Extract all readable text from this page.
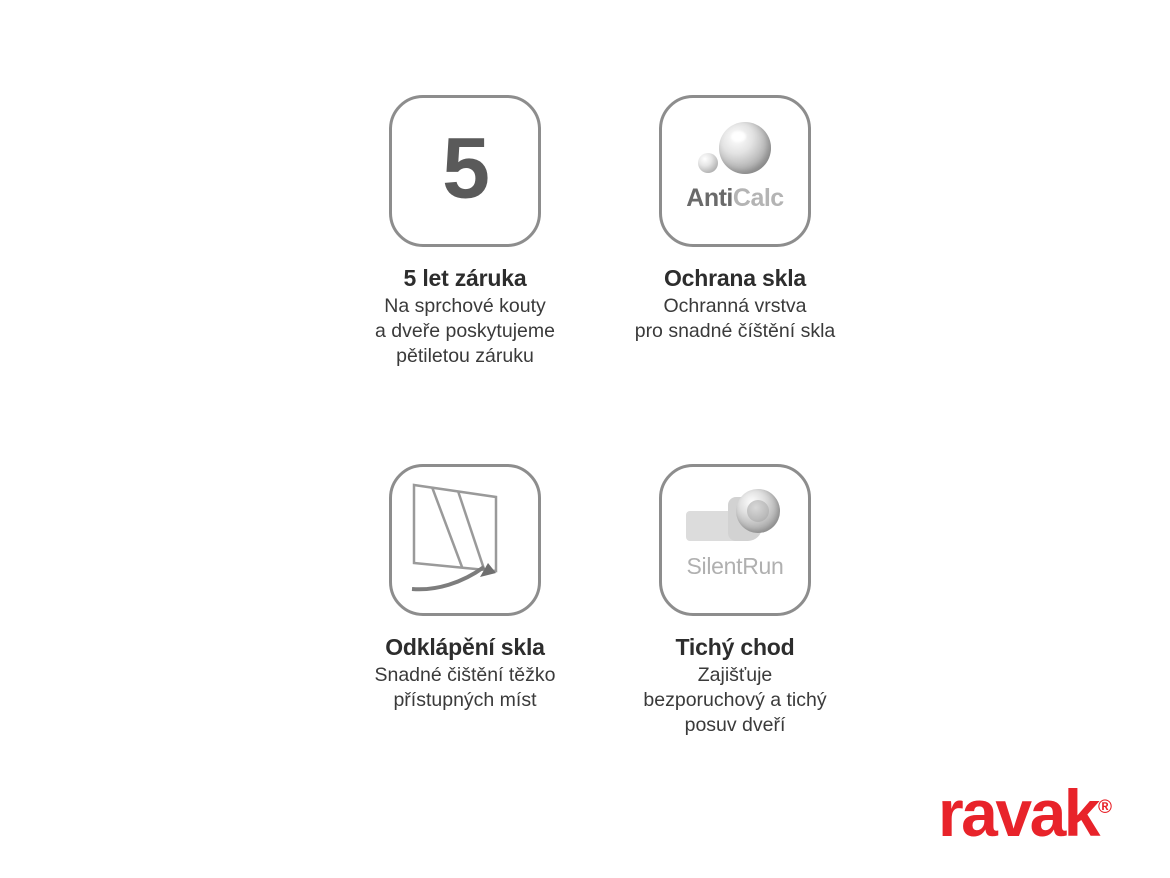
5
5 let záruka
Na sprchové kouty
a dveře poskytujeme
pětiletou záruku
AntiCalc
Ochrana skla
Ochranná vrstva
pro snadné číštění skla
Odklápění skla
Snadné čištění těžko
přístupných míst
SilentRun
Tichý chod
Zajišťuje
bezporuchový a tichý
posuv dveří
ravak®
